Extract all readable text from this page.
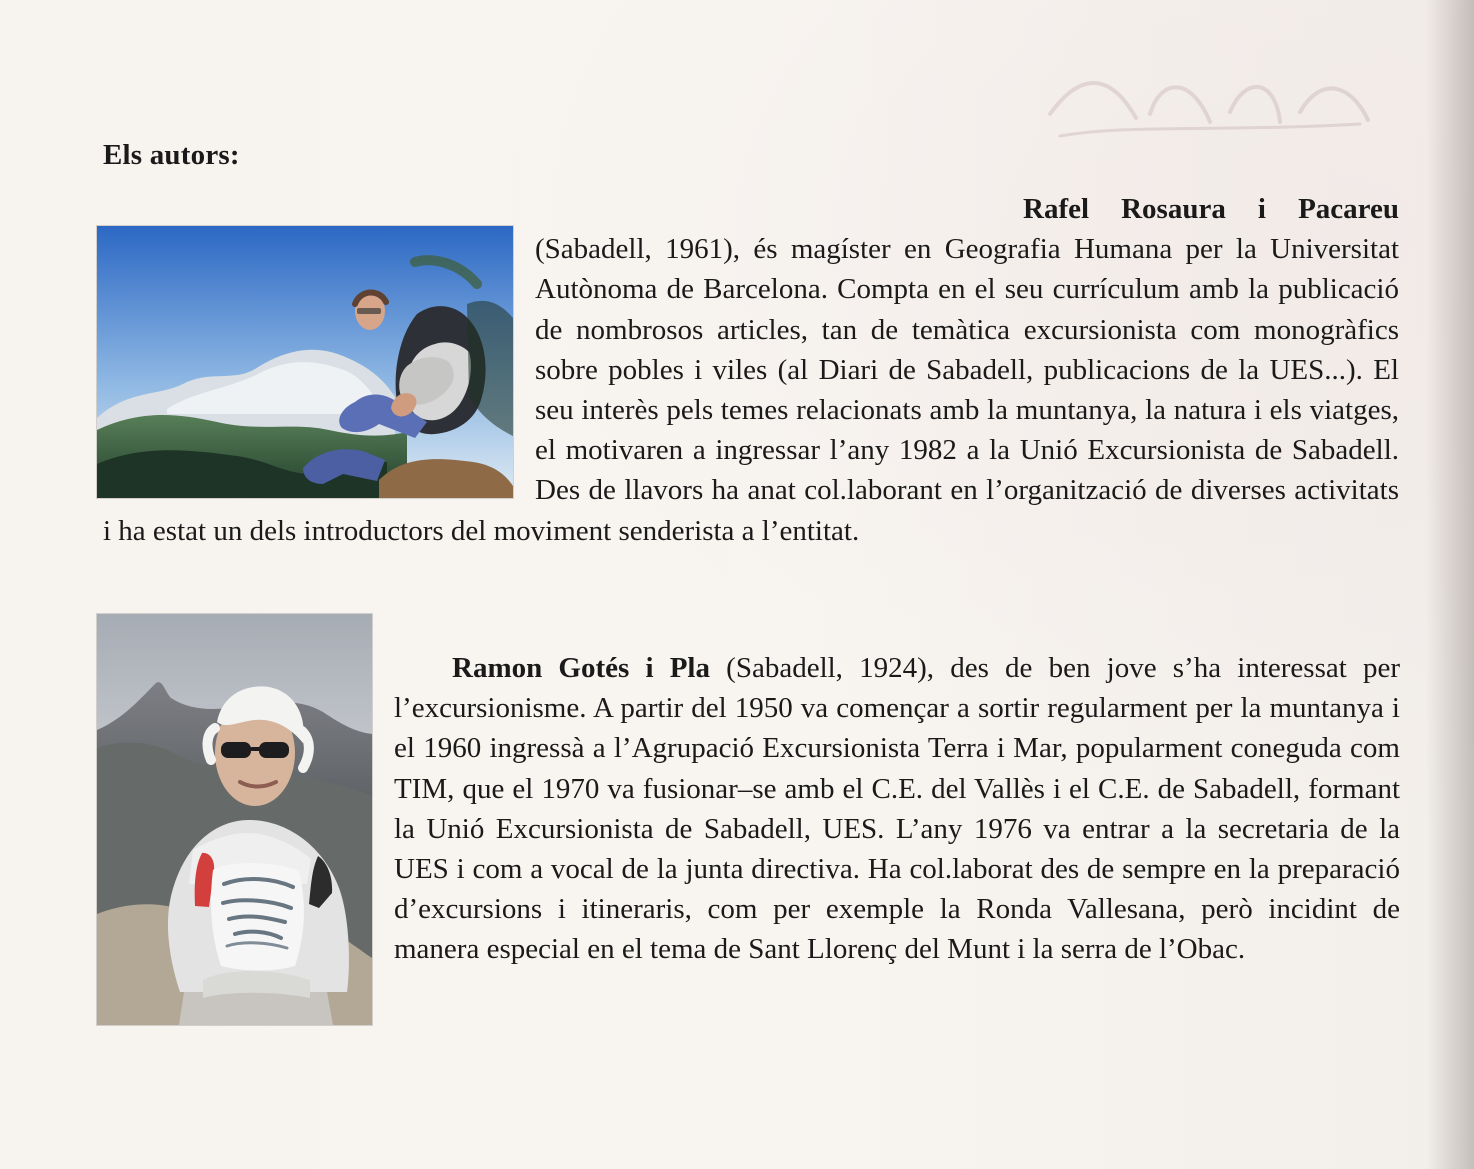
Els autors:

Rafel Rosaura i Pacareu (Sabadell, 1961), és magíster en Geografia Humana per la Universitat Autònoma de Barcelona. Compta en el seu currículum amb la publicació de nombrosos articles, tan de temàtica excursionista com monogràfics sobre pobles i viles (al Diari de Sabadell, publicacions de la UES...). El seu interès pels temes relacionats amb la muntanya, la natura i els viatges, el motivaren a ingressar l’any 1982 a la Unió Excursionista de Sabadell. Des de llavors ha anat col.laborant en l’organització de diverses activitats i ha estat un dels introductors del moviment senderista a l’entitat.

Ramon Gotés i Pla (Sabadell, 1924), des de ben jove s’ha interessat per l’excursionisme. A partir del 1950 va començar a sortir regularment per la muntanya i el 1960 ingressà a l’Agrupació Excursionista Terra i Mar, popularment coneguda com TIM, que el 1970 va fusionar–se amb el C.E. del Vallès i el C.E. de Sabadell, formant la Unió Excursionista de Sabadell, UES. L’any 1976 va entrar a la secretaria de la UES i com a vocal de la junta directiva. Ha col.laborat des de sempre en la preparació d’excursions i itineraris, com per exemple la Ronda Vallesana, però incidint de manera especial en el tema de Sant Llorenç del Munt i la serra de l’Obac.
